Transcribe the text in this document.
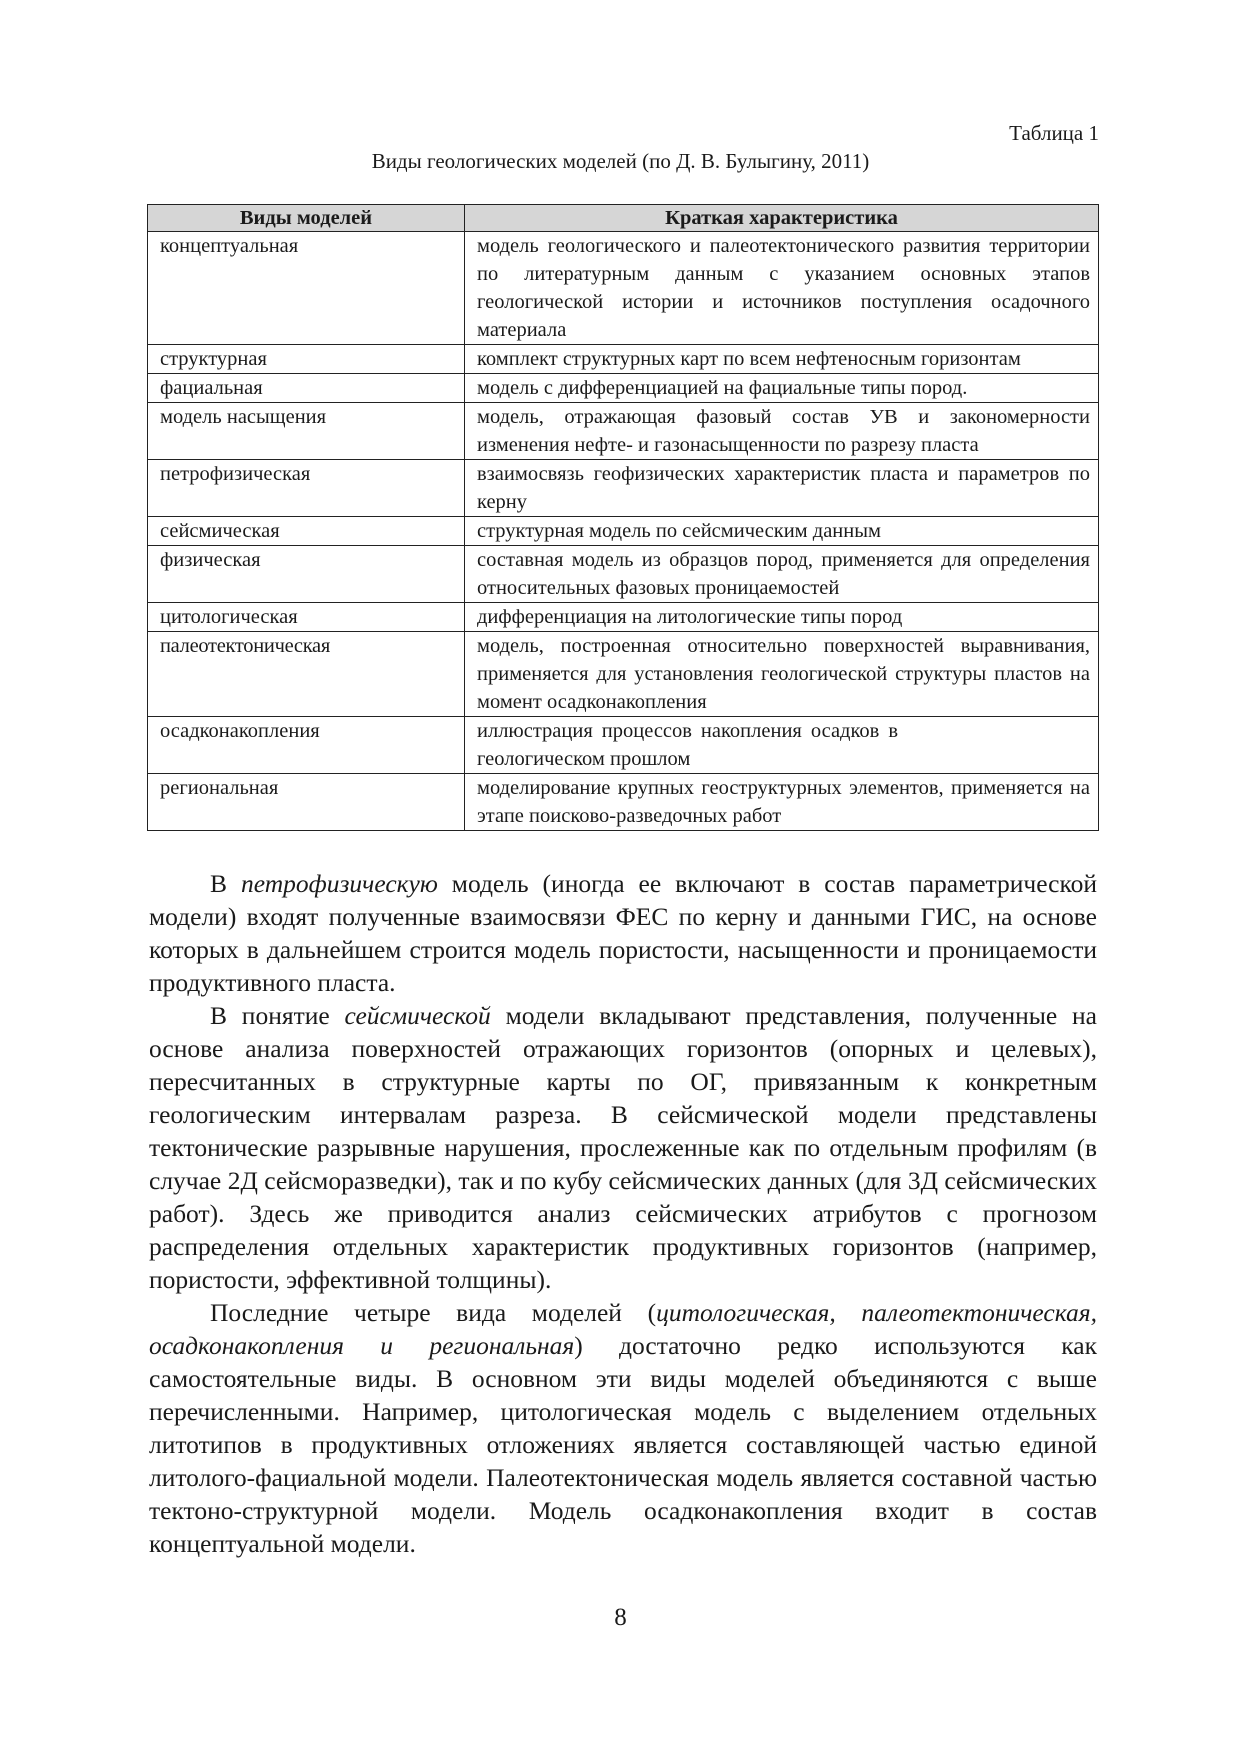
Таблица 1
Виды геологических моделей (по Д. В. Булыгину, 2011)
Виды моделей	Краткая характеристика
концептуальная	модель геологического и палеотектонического развития территории по литературным данным с указанием основных этапов геологической истории и источников поступления осадочного материала
структурная	комплект структурных карт по всем нефтеносным горизонтам
фациальная	модель с дифференциацией на фациальные типы пород.
модель насыщения	модель, отражающая фазовый состав УВ и закономерности изменения нефте- и газонасыщенности по разрезу пласта
петрофизическая	взаимосвязь геофизических характеристик пласта и параметров по керну
сейсмическая	структурная модель по сейсмическим данным
физическая	составная модель из образцов пород, применяется для определения относительных фазовых проницаемостей
цитологическая	дифференциация на литологические типы пород
палеотектоническая	модель, построенная относительно поверхностей выравнивания, применяется для установления геологической структуры пластов на момент осадконакопления
осадконакопления	иллюстрация процессов накопления осадков в геологическом прошлом
региональная	моделирование крупных геоструктурных элементов, применяется на этапе поисково-разведочных работ

В петрофизическую модель (иногда ее включают в состав параметрической модели) входят полученные взаимосвязи ФЕС по керну и данными ГИС, на основе которых в дальнейшем строится модель пористости, насыщенности и проницаемости продуктивного пласта.

В понятие сейсмической модели вкладывают представления, полученные на основе анализа поверхностей отражающих горизонтов (опорных и целевых), пересчитанных в структурные карты по ОГ, привязанным к конкретным геологическим интервалам разреза. В сейсмической модели представлены тектонические разрывные нарушения, прослеженные как по отдельным профилям (в случае 2Д сейсморазведки), так и по кубу сейсмических данных (для 3Д сейсмических работ). Здесь же приводится анализ сейсмических атрибутов с прогнозом распределения отдельных характеристик продуктивных горизонтов (например, пористости, эффективной толщины).

Последние четыре вида моделей (цитологическая, палеотектоническая, осадконакопления и региональная) достаточно редко используются как самостоятельные виды. В основном эти виды моделей объединяются с выше перечисленными. Например, цитологическая модель с выделением отдельных литотипов в продуктивных отложениях является составляющей частью единой литолого-фациальной модели. Палеотектоническая модель является составной частью тектоно-структурной модели. Модель осадконакопления входит в состав концептуальной модели.

8
